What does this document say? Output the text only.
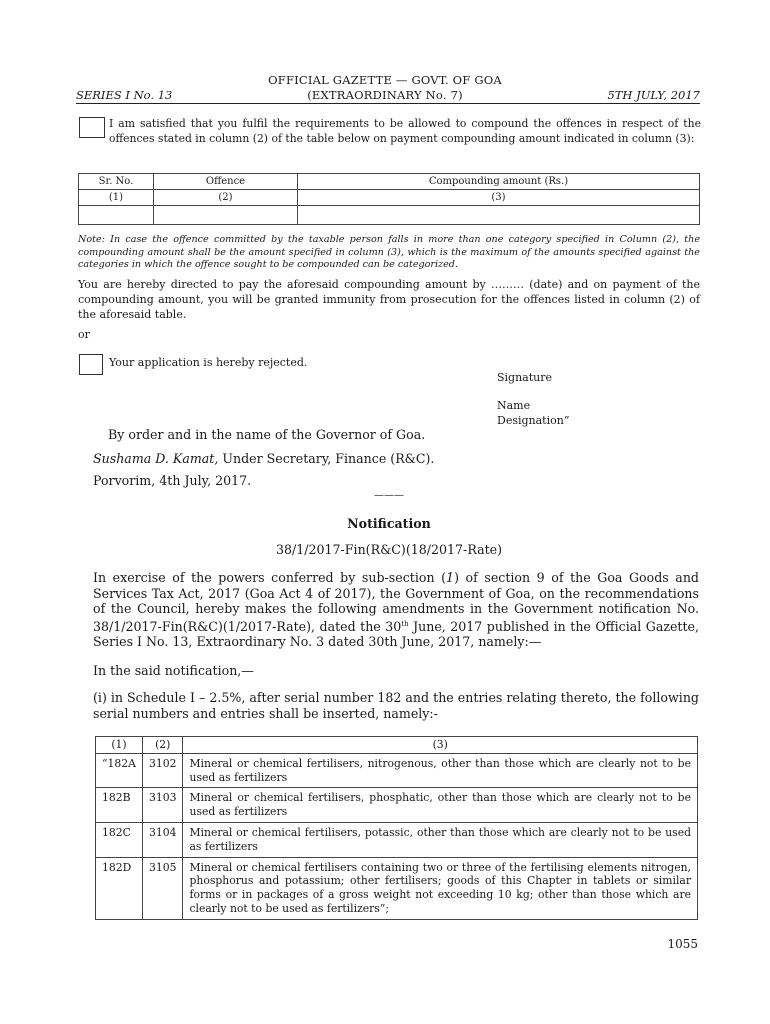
OFFICIAL GAZETTE — GOVT. OF GOA
(EXTRAORDINARY No. 7)
SERIES I No. 13	5TH JULY, 2017
I am satisfied that you fulfil the requirements to be allowed to compound the offences in respect of the offences stated in column (2) of the table below on payment compounding amount indicated in column (3):
Sr. No.	Offence	Compounding amount (Rs.)
(1)	(2)	(3)

Note: In case the offence committed by the taxable person falls in more than one category specified in Column (2), the compounding amount shall be the amount specified in column (3), which is the maximum of the amounts specified against the categories in which the offence sought to be compounded can be categorized.
You are hereby directed to pay the aforesaid compounding amount by ……… (date) and on payment of the compounding amount, you will be granted immunity from prosecution for the offences listed in column (2) of the aforesaid table.
or
Your application is hereby rejected.
Signature
Name
Designation”
By order and in the name of the Governor of Goa.
Sushama D. Kamat, Under Secretary, Finance (R&C).
Porvorim, 4th July, 2017.
———
Notification
38/1/2017-Fin(R&C)(18/2017-Rate)
In exercise of the powers conferred by sub-section (1) of section 9 of the Goa Goods and Services Tax Act, 2017 (Goa Act 4 of 2017), the Government of Goa, on the recommendations of the Council, hereby makes the following amendments in the Government notification No. 38/1/2017-Fin(R&C)(1/2017-Rate), dated the 30th June, 2017 published in the Official Gazette, Series I No. 13, Extraordinary No. 3 dated 30th June, 2017, namely:—
In the said notification,—
(i) in Schedule I – 2.5%, after serial number 182 and the entries relating thereto, the following serial numbers and entries shall be inserted, namely:-
(1)	(2)	(3)
“182A	3102	Mineral or chemical fertilisers, nitrogenous, other than those which are clearly not to be used as fertilizers
182B	3103	Mineral or chemical fertilisers, phosphatic, other than those which are clearly not to be used as fertilizers
182C	3104	Mineral or chemical fertilisers, potassic, other than those which are clearly not to be used as fertilizers
182D	3105	Mineral or chemical fertilisers containing two or three of the fertilising elements nitrogen, phosphorus and potassium; other fertilisers; goods of this Chapter in tablets or similar forms or in packages of a gross weight not exceeding 10 kg; other than those which are clearly not to be used as fertilizers”;
1055
